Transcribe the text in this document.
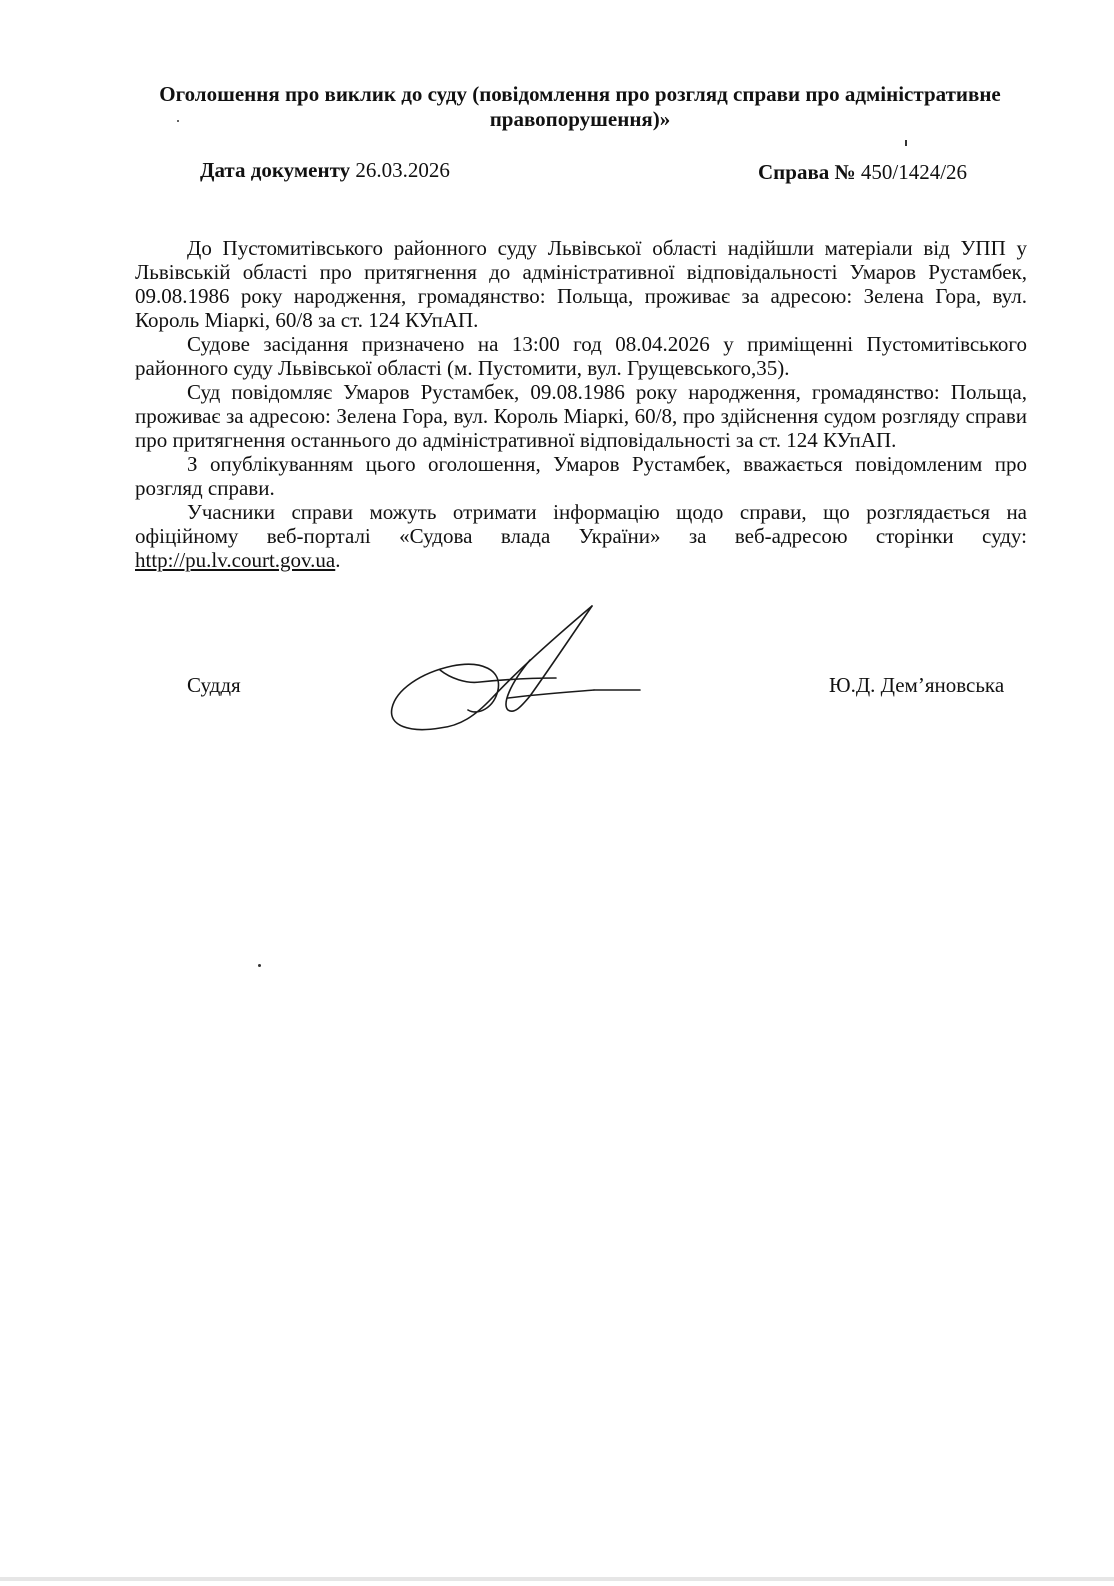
Оголошення про виклик до суду (повідомлення про розгляд справи про адміністративне правопорушення)»
Дата документу 26.03.2026	Справа № 450/1424/26

До Пустомитівського районного суду Львівської області надійшли матеріали від УПП у Львівській області про притягнення до адміністративної відповідальності Умаров Рустамбек, 09.08.1986 року народження, громадянство: Польща, проживає за адресою: Зелена Гора, вул. Король Міаркі, 60/8 за ст. 124 КУпАП.

Судове засідання призначено на 13:00 год 08.04.2026 у приміщенні Пустомитівського районного суду Львівської області (м. Пустомити, вул. Грущевського,35).

Суд повідомляє Умаров Рустамбек, 09.08.1986 року народження, громадянство: Польща, проживає за адресою: Зелена Гора, вул. Король Міаркі, 60/8, про здійснення судом розгляду справи про притягнення останнього до адміністративної відповідальності за ст. 124 КУпАП.

З опублікуванням цього оголошення, Умаров Рустамбек, вважається повідомленим про розгляд справи.

Учасники справи можуть отримати інформацію щодо справи, що розглядається на офіційному веб-порталі «Судова влада України» за веб-адресою сторінки суду: http://pu.lv.court.gov.ua.

Суддя	Ю.Д. Дем’яновська
